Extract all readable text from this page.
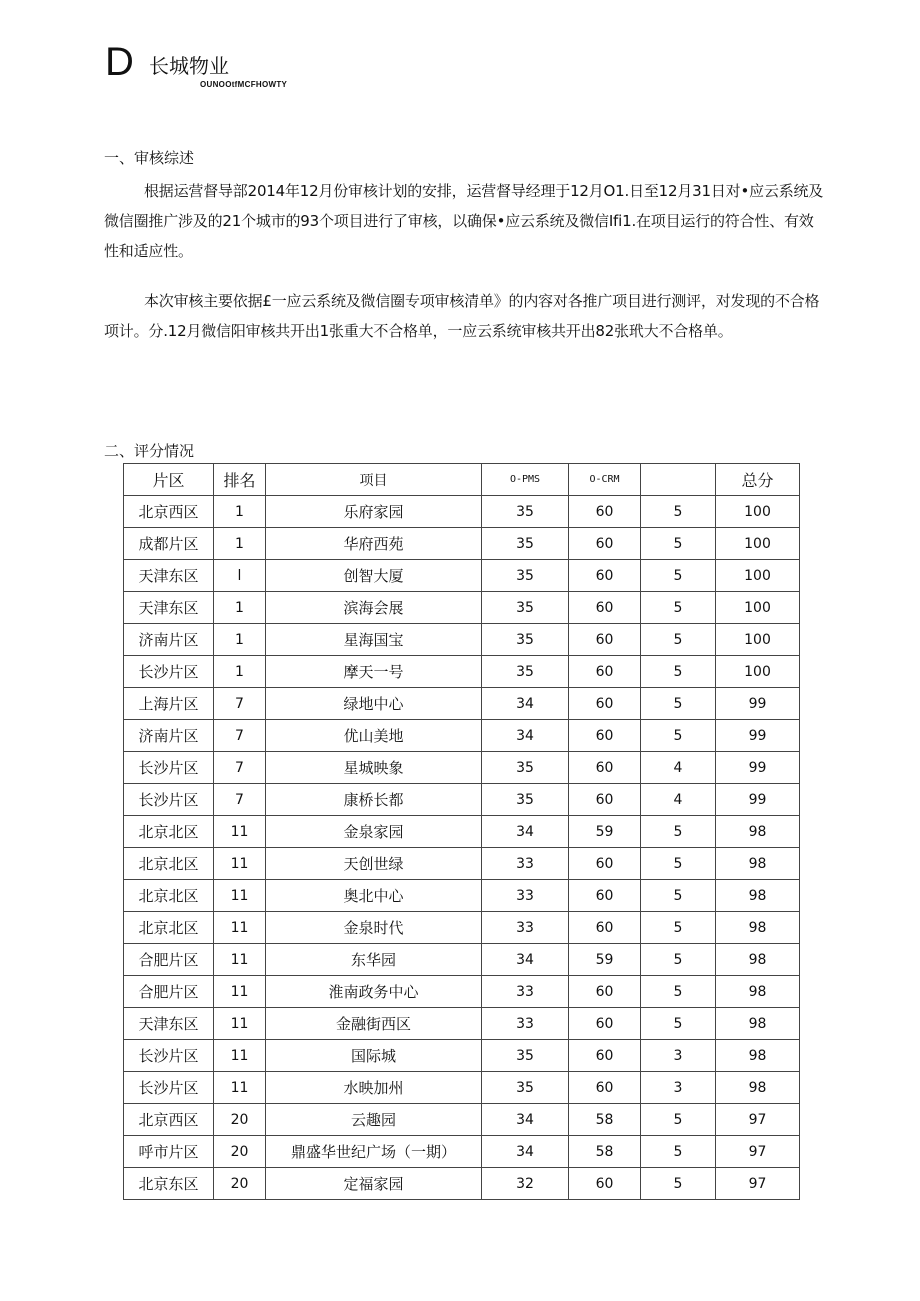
D 长城物业
OUNOOtfMCFHOWTY
一、审核综述

根据运营督导部2014年12月份审核计划的安排，运营督导经理于12月O1.日至12月31日对•应云系统及微信圈推广涉及的21个城市的93个项目进行了审核，以确保•应云系统及微信Ifi1.在项目运行的符合性、有效性和适应性。

本次审核主要依据£一应云系统及微信圈专项审核清单》的内容对各推广项目进行测评，对发现的不合格项计。分.12月微信阳审核共开出1张重大不合格单，一应云系统审核共开出82张玳大不合格单。

二、评分情况
片区	排名	项目	O-PMS	O-CRM		总分
北京西区	1	乐府家园	35	60	5	100
成都片区	1	华府西苑	35	60	5	100
天津东区	l	创智大厦	35	60	5	100
天津东区	1	滨海会展	35	60	5	100
济南片区	1	星海国宝	35	60	5	100
长沙片区	1	摩天一号	35	60	5	100
上海片区	7	绿地中心	34	60	5	99
济南片区	7	优山美地	34	60	5	99
长沙片区	7	星城映象	35	60	4	99
长沙片区	7	康桥长都	35	60	4	99
北京北区	11	金泉家园	34	59	5	98
北京北区	11	天创世绿	33	60	5	98
北京北区	11	奥北中心	33	60	5	98
北京北区	11	金泉时代	33	60	5	98
合肥片区	11	东华园	34	59	5	98
合肥片区	11	淮南政务中心	33	60	5	98
天津东区	11	金融街西区	33	60	5	98
长沙片区	11	国际城	35	60	3	98
长沙片区	11	水映加州	35	60	3	98
北京西区	20	云趣园	34	58	5	97
呼市片区	20	鼎盛华世纪广场（一期）	34	58	5	97
北京东区	20	定福家园	32	60	5	97
